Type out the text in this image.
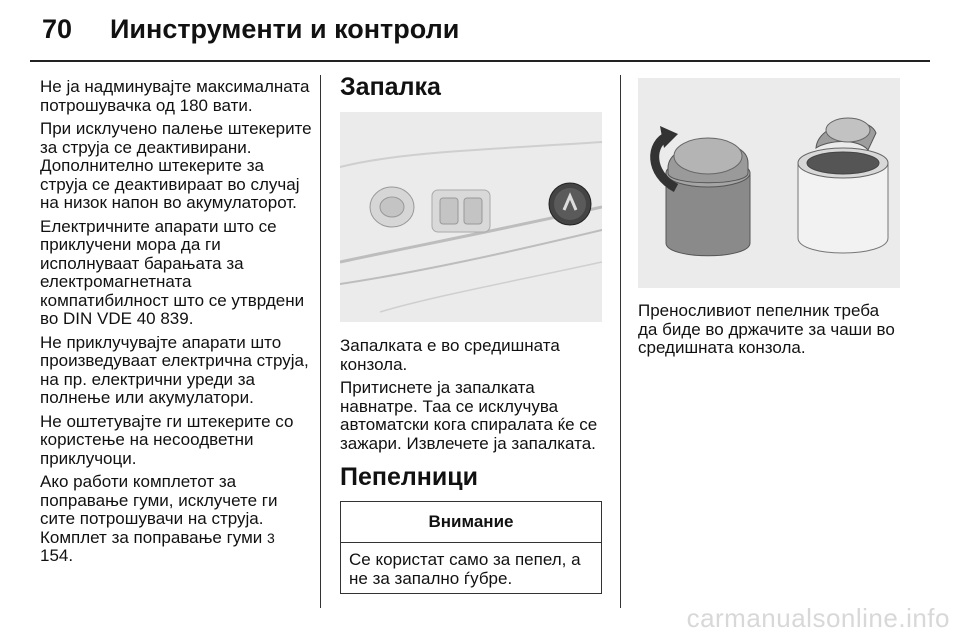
70 Иинструменти и контроли

Не ја надминувајте максималната потрошувачка од 180 вати.

При исклучено палење штекерите за струја се деактивирани. Дополнително штекерите за струја се деактивираат во случај на низок напон во акумулаторот.

Електричните апарати што се приклучени мора да ги исполнуваат барањата за електромагнетната компатибилност што се утврдени во DIN VDE 40 839.

Не приклучувајте апарати што произведуваат електрична струја, на пр. електрични уреди за полнење или акумулатори.

Не оштетувајте ги штекерите со користење на несоодветни приклучоци.

Ако работи комплетот за поправање гуми, исклучете ги сите потрошувачи на струја. Комплет за поправање гуми 3 154.

Запалка

Запалката е во средишната конзола.

Притиснете ја запалката навнатре. Таа се исклучува автоматски кога спиралата ќе се зажари. Извлечете ја запалката.

Пепелници
Внимание
Се користат само за пепел, а не за запално ѓубре.

Преносливиот пепелник треба да биде во држачите за чаши во средишната конзола.

carmanualsonline.info
